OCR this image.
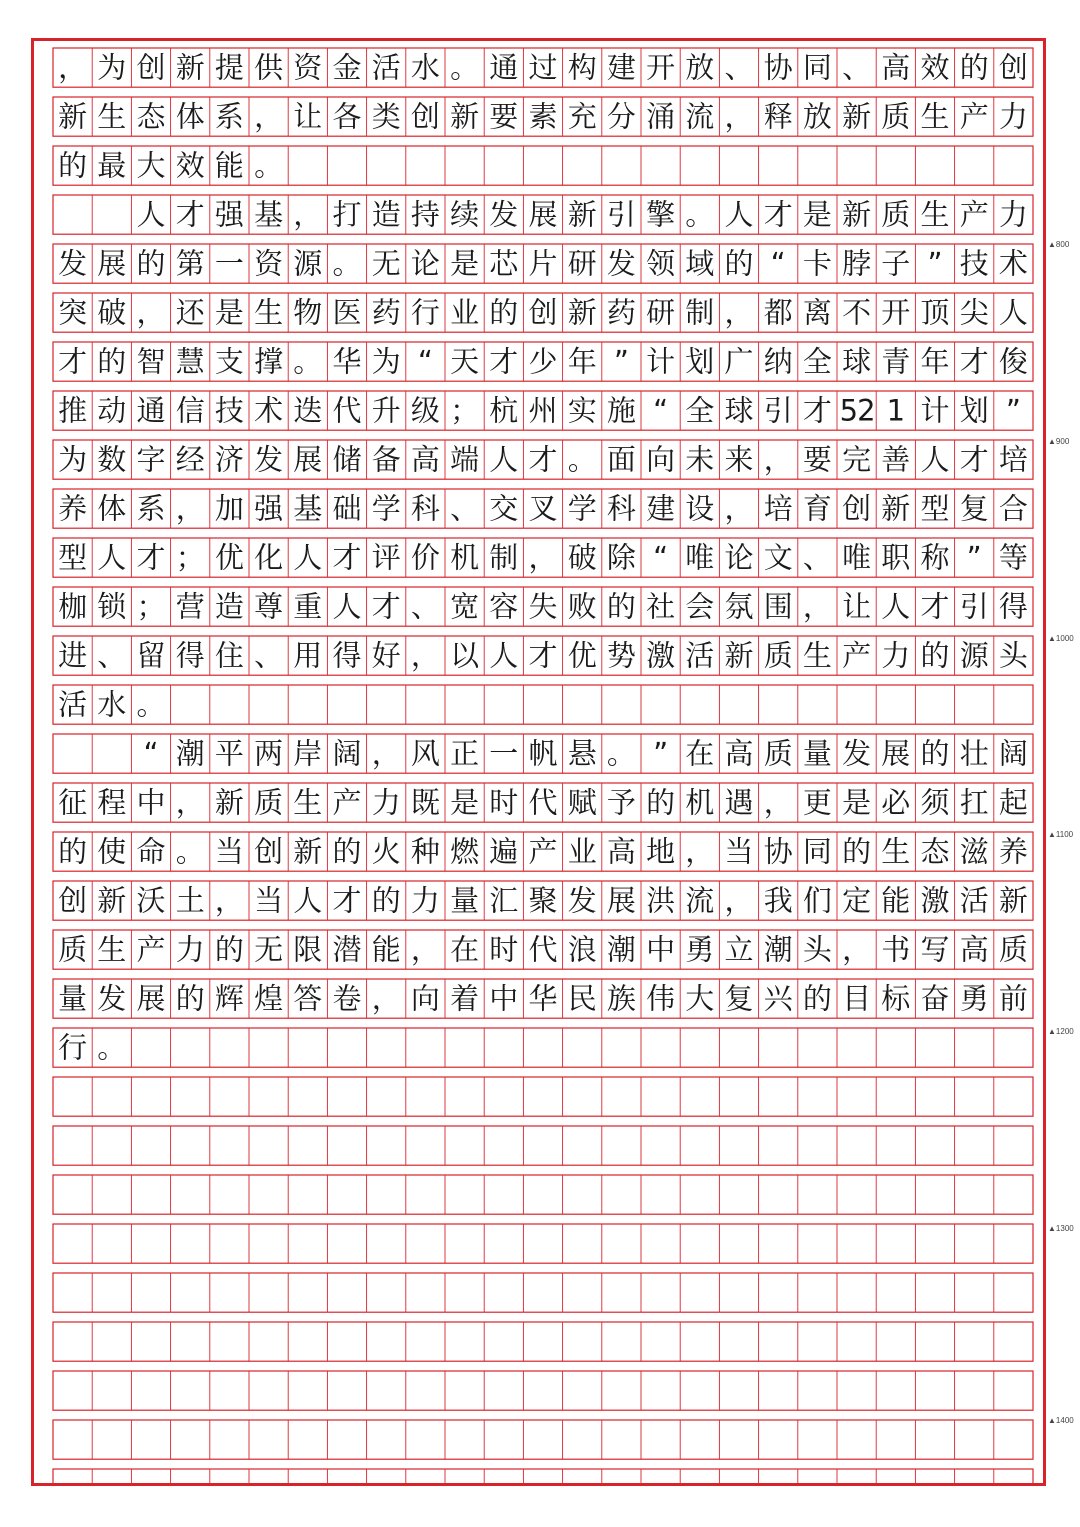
， 为 创 新 提 供 资 金 活 水 。 通 过 构 建 开 放 、 协 同 、 高 效 的 创
新 生 态 体 系 ， 让 各 类 创 新 要 素 充 分 涌 流 ， 释 放 新 质 生 产 力
的 最 大 效 能 。
　　人 才 强 基 ， 打 造 持 续 发 展 新 引 擎 。 人 才 是 新 质 生 产 力
发 展 的 第 一 资 源 。 无 论 是 芯 片 研 发 领 域 的 “ 卡 脖 子 ” 技 术
突 破 ， 还 是 生 物 医 药 行 业 的 创 新 药 研 制 ， 都 离 不 开 顶 尖 人
才 的 智 慧 支 撑 。 华 为 “ 天 才 少 年 ” 计 划 广 纳 全 球 青 年 才 俊
推 动 通 信 技 术 迭 代 升 级 ； 杭 州 实 施 “ 全 球 引 才 52 1 计 划 ”
为 数 字 经 济 发 展 储 备 高 端 人 才 。 面 向 未 来 ， 要 完 善 人 才 培
养 体 系 ， 加 强 基 础 学 科 、 交 叉 学 科 建 设 ， 培 育 创 新 型 复 合
型 人 才 ； 优 化 人 才 评 价 机 制 ， 破 除 “ 唯 论 文 、 唯 职 称 ” 等
枷 锁 ； 营 造 尊 重 人 才 、 宽 容 失 败 的 社 会 氛 围 ， 让 人 才 引 得
进 、 留 得 住 、 用 得 好 ， 以 人 才 优 势 激 活 新 质 生 产 力 的 源 头
活 水 。
　　“ 潮 平 两 岸 阔 ， 风 正 一 帆 悬 。 ” 在 高 质 量 发 展 的 壮 阔
征 程 中 ， 新 质 生 产 力 既 是 时 代 赋 予 的 机 遇 ， 更 是 必 须 扛 起
的 使 命 。 当 创 新 的 火 种 燃 遍 产 业 高 地 ， 当 协 同 的 生 态 滋 养
创 新 沃 土 ， 当 人 才 的 力 量 汇 聚 发 展 洪 流 ， 我 们 定 能 激 活 新
质 生 产 力 的 无 限 潜 能 ， 在 时 代 浪 潮 中 勇 立 潮 头 ， 书 写 高 质
量 发 展 的 辉 煌 答 卷 ， 向 着 中 华 民 族 伟 大 复 兴 的 目 标 奋 勇 前
行 。
▲800
▲900
▲1000
▲1100
▲1200
▲1300
▲1400
